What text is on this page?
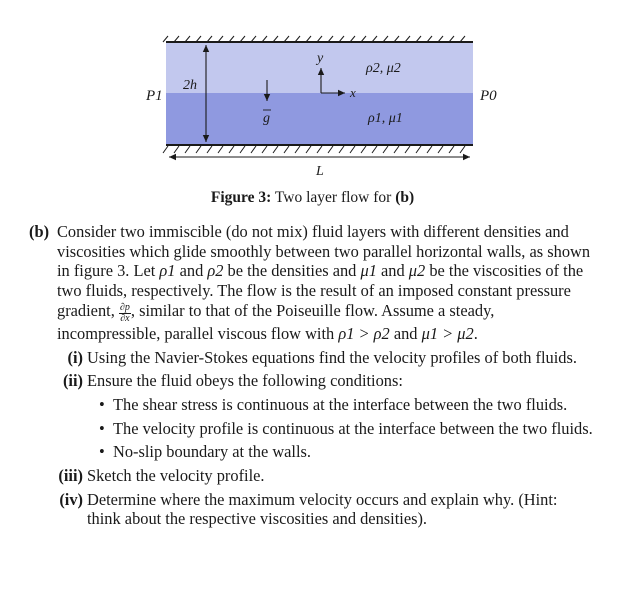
2h
g
y
x
ρ2, μ2
ρ1, μ1
P1	P0
L
Figure 3: Two layer flow for (b)
(b) Consider two immiscible (do not mix) fluid layers with different densities and viscosities which glide smoothly between two parallel horizontal walls, as shown in figure 3. Let ρ1 and ρ2 be the densities and μ1 and μ2 be the viscosities of the two fluids, respectively. The flow is the result of an imposed constant pressure gradient, $\frac{\partial p}{\partial x}$ , similar to that of the Poiseuille flow. Assume a steady, incompressible, parallel viscous flow with ρ1 > ρ2 and μ1 > μ2.
(i) Using the Navier-Stokes equations find the velocity profiles of both fluids.
(ii) Ensure the fluid obeys the following conditions:
• The shear stress is continuous at the interface between the two fluids.
• The velocity profile is continuous at the interface between the two fluids.
• No-slip boundary at the walls.
(iii) Sketch the velocity profile.
(iv) Determine where the maximum velocity occurs and explain why. (Hint: think about the respective viscosities and densities).
